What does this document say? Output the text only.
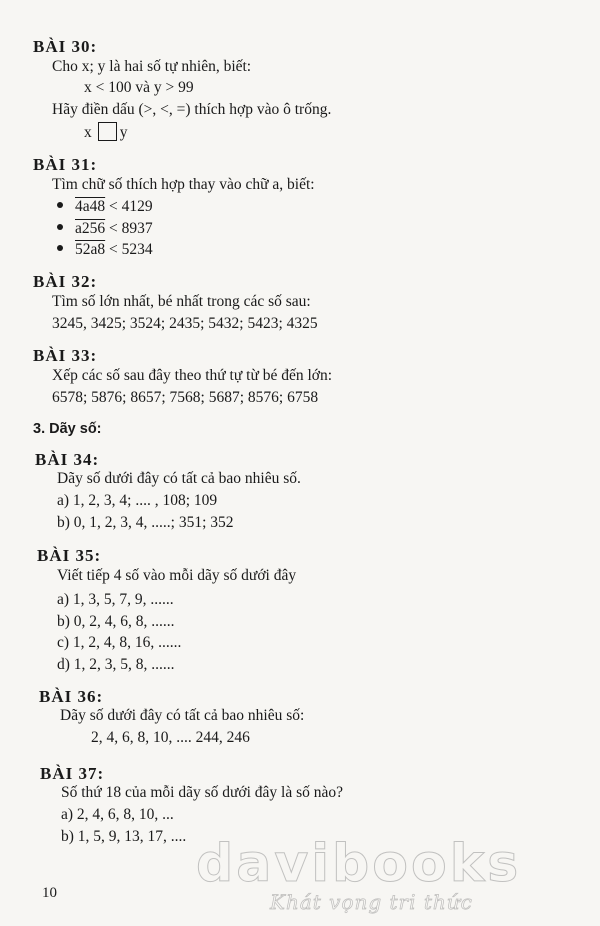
BÀI 30:
Cho x; y là hai số tự nhiên, biết:
x < 100 và y > 99
Hãy điền dấu (>, <, =) thích hợp vào ô trống.
x y
BÀI 31:
Tìm chữ số thích hợp thay vào chữ a, biết:
4a48 < 4129
a256 < 8937
52a8 < 5234
BÀI 32:
Tìm số lớn nhất, bé nhất trong các số sau:
3245, 3425; 3524; 2435; 5432; 5423; 4325
BÀI 33:
Xếp các số sau đây theo thứ tự từ bé đến lớn:
6578; 5876; 8657; 7568; 5687; 8576; 6758
3. Dãy số:
BÀI 34:
Dãy số dưới đây có tất cả bao nhiêu số.
a) 1, 2, 3, 4; .... , 108; 109
b) 0, 1, 2, 3, 4, .....; 351; 352
BÀI 35:
Viết tiếp 4 số vào mỗi dãy số dưới đây
a) 1, 3, 5, 7, 9, ......
b) 0, 2, 4, 6, 8, ......
c) 1, 2, 4, 8, 16, ......
d) 1, 2, 3, 5, 8, ......
BÀI 36:
Dãy số dưới đây có tất cả bao nhiêu số:
2, 4, 6, 8, 10, .... 244, 246
BÀI 37:
Số thứ 18 của mỗi dãy số dưới đây là số nào?
a) 2, 4, 6, 8, 10, ...
b) 1, 5, 9, 13, 17, ....
10	davibooks
Khát vọng tri thức
